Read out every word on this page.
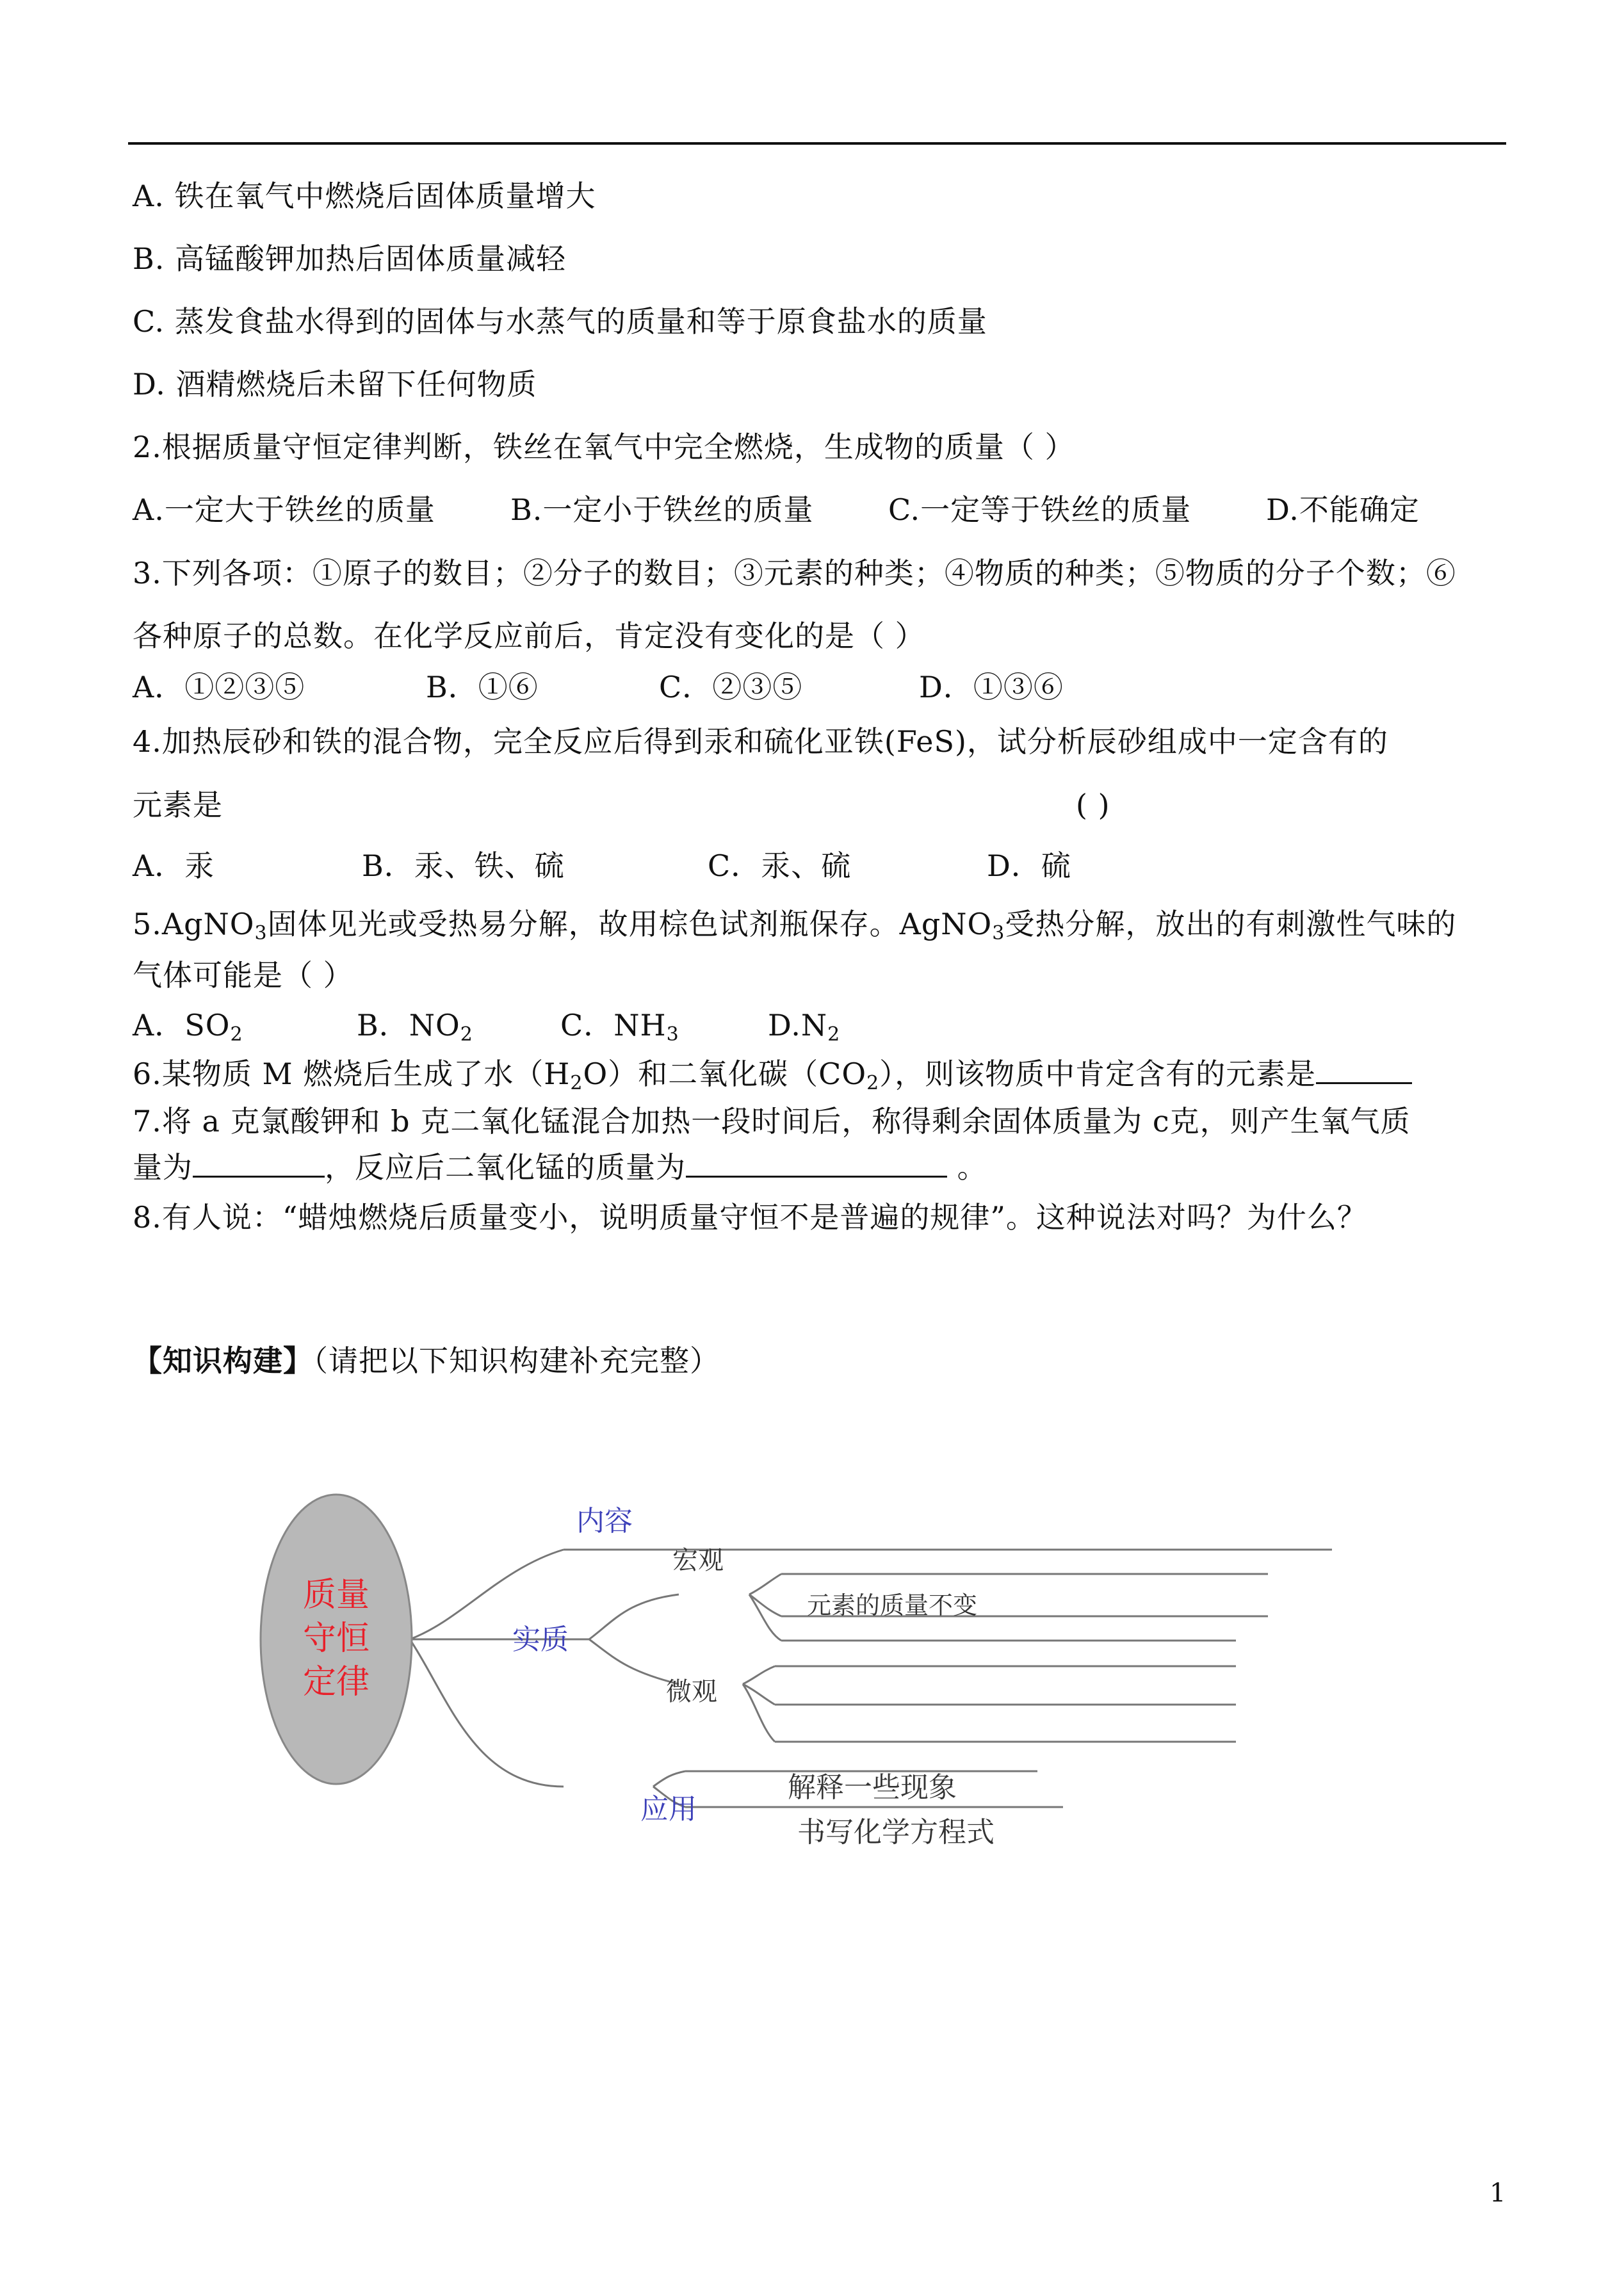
A. 铁在氧气中燃烧后固体质量增大
B. 高锰酸钾加热后固体质量减轻
C. 蒸发食盐水得到的固体与水蒸气的质量和等于原食盐水的质量
D. 酒精燃烧后未留下任何物质
2.根据质量守恒定律判断，铁丝在氧气中完全燃烧，生成物的质量（ ）
A.一定大于铁丝的质量	B.一定小于铁丝的质量	C.一定等于铁丝的质量	D.不能确定
3.下列各项：①原子的数目；②分子的数目；③元素的种类；④物质的种类；⑤物质的分子个数；⑥
各种原子的总数。在化学反应前后，肯定没有变化的是（ ）
A．①②③⑤	B．①⑥	C．②③⑤	D．①③⑥
4.加热辰砂和铁的混合物，完全反应后得到汞和硫化亚铁(FeS)，试分析辰砂组成中一定含有的
元素是	( )
A．汞	B．汞、铁、硫	C．汞、硫	D．硫
5.AgNO$_3$固体见光或受热易分解，故用棕色试剂瓶保存。AgNO$_3$受热分解，放出的有刺激性气味的
气体可能是（ ）
A．$SO_2$	B．$NO_2$	C．$NH_3$	$D.N_2$
6.某物质 M 燃烧后生成了水$(H_2O)$和二氧化碳$(CO_2)$，则该物质中肯定含有的元素是
7.将 a 克氯酸钾和 b 克二氧化锰混合加热一段时间后，称得剩余固体质量为 c克，则产生氧气质
量为	，反应后二氧化锰的质量为	。
8.有人说：“蜡烛燃烧后质量变小，说明质量守恒不是普遍的规律”。这种说法对吗？为什么？
【知识构建】（请把以下知识构建补充完整）
质量
守恒
定律
内容
实质
应用
宏观
微观
元素的质量不变
解释一些现象
书写化学方程式
1
